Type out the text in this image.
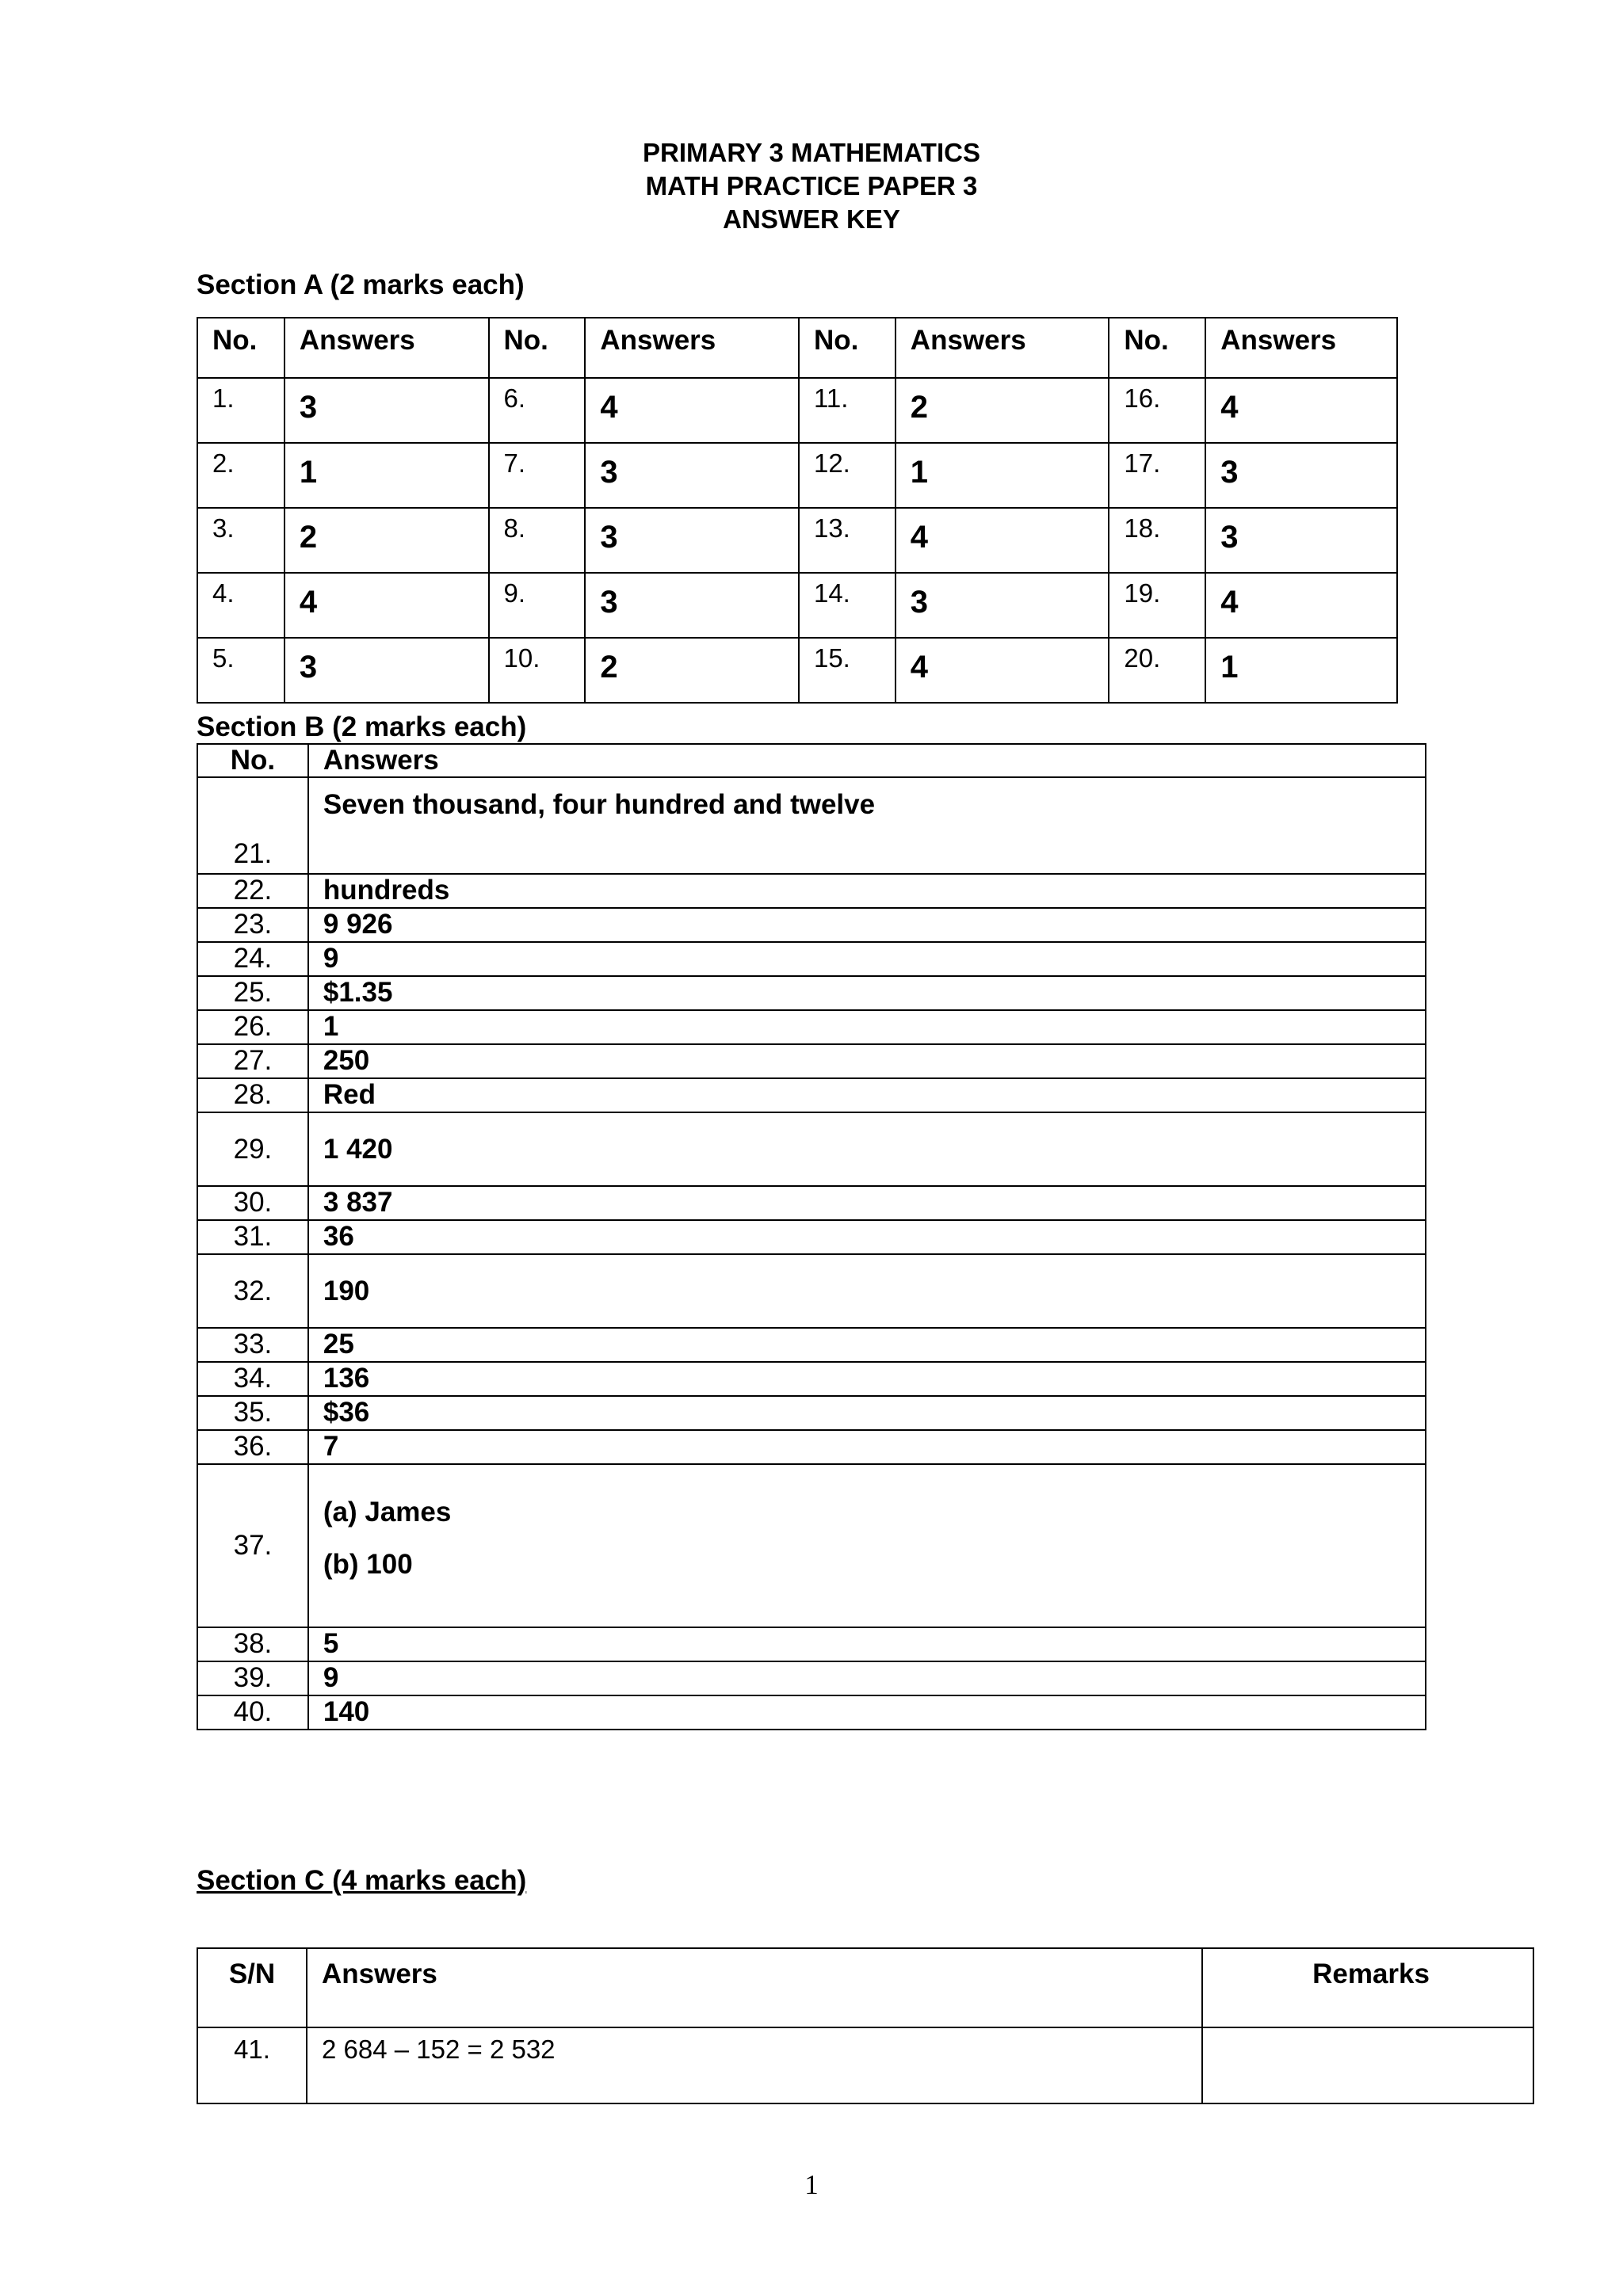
PRIMARY 3 MATHEMATICS
MATH PRACTICE PAPER 3
ANSWER KEY
Section A (2 marks each)
No.	Answers	No.	Answers	No.	Answers	No.	Answers
1.	3	6.	4	11.	2	16.	4
2.	1	7.	3	12.	1	17.	3
3.	2	8.	3	13.	4	18.	3
4.	4	9.	3	14.	3	19.	4
5.	3	10.	2	15.	4	20.	1
Section B (2 marks each)
No.	Answers
21.	Seven thousand, four hundred and twelve
22.	hundreds
23.	9 926
24.	9
25.	$1.35
26.	1
27.	250
28.	Red
29.	1 420
30.	3 837
31.	36
32.	190
33.	25
34.	136
35.	$36
36.	7
37.	(a) James
(b) 100

38.	5
39.	9
40.	140
Section C (4 marks each)
S/N	Answers	Remarks
41.	2 684 – 152 = 2 532	
1
